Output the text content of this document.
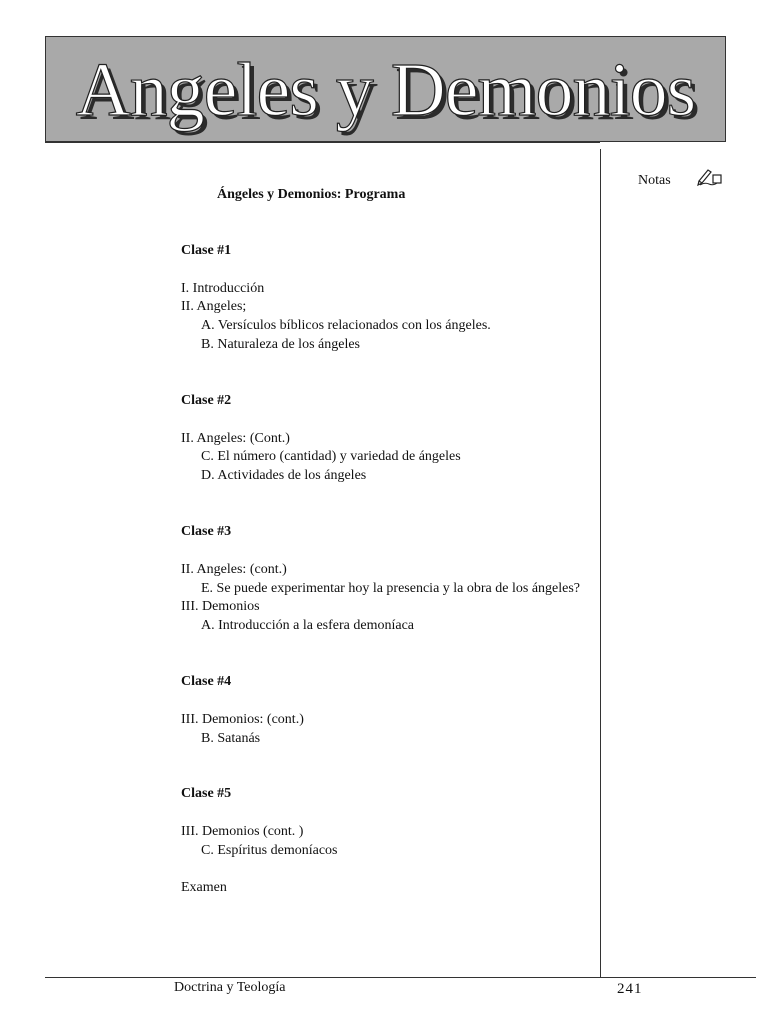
Angeles y Demonios
Notas
Ángeles y Demonios: Programa
Clase #1
I. Introducción
II. Angeles;
A. Versículos bíblicos relacionados con los ángeles.
B. Naturaleza de los ángeles
Clase #2
II. Angeles: (Cont.)
C. El número (cantidad) y variedad de ángeles
D. Actividades de los ángeles
Clase #3
II. Angeles: (cont.)
E. Se puede experimentar hoy la presencia y la obra de los ángeles?
III. Demonios
A. Introducción a la esfera demoníaca
Clase #4
III. Demonios: (cont.)
B. Satanás
Clase #5
III. Demonios (cont. )
C. Espíritus demoníacos
Examen
Doctrina y Teología	241
